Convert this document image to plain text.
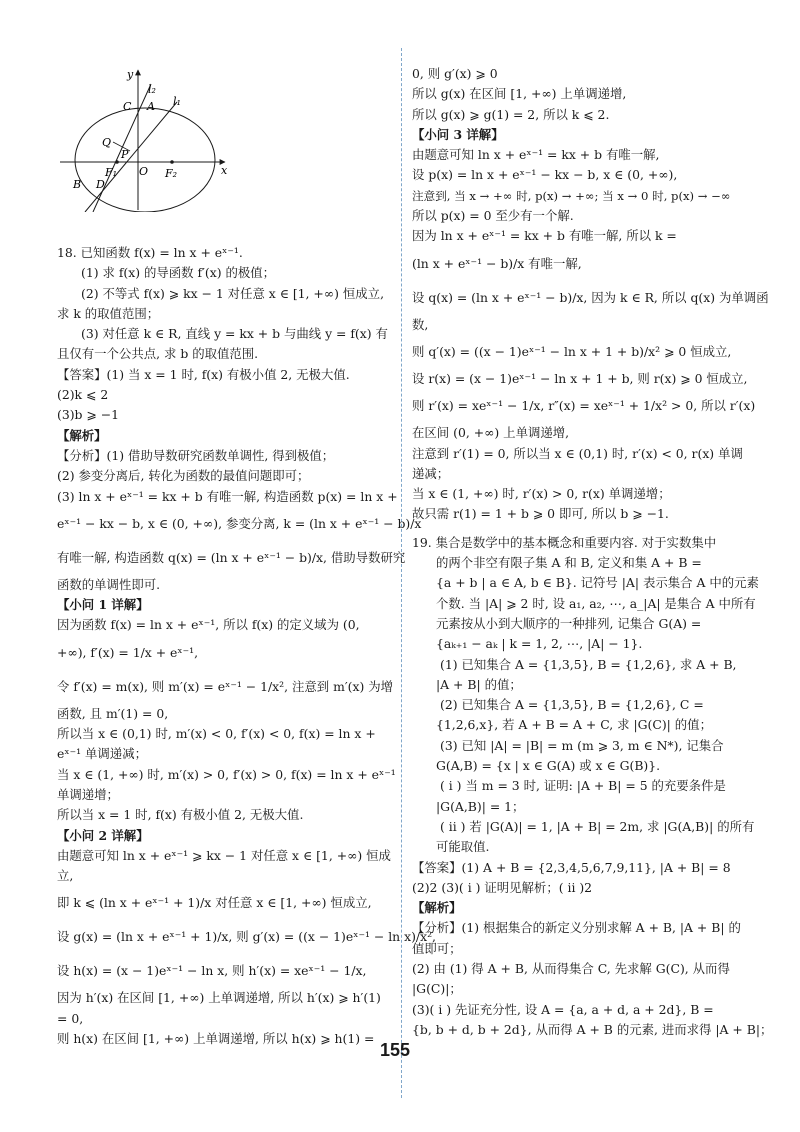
y
x
l₂
l₁
C A
Q
P
O
F₁	F₂
B D
18. 已知函数 f(x) = ln x + eˣ⁻¹.
(1) 求 f(x) 的导函数 f′(x) 的极值；
(2) 不等式 f(x) ⩾ kx − 1 对任意 x ∈ [1, +∞) 恒成立,
求 k 的取值范围；
(3) 对任意 k ∈ R, 直线 y = kx + b 与曲线 y = f(x) 有
且仅有一个公共点, 求 b 的取值范围.
【答案】(1) 当 x = 1 时, f(x) 有极小值 2, 无极大值.
(2)k ⩽ 2
(3)b ⩾ −1
【解析】
【分析】(1) 借助导数研究函数单调性, 得到极值；
(2) 参变分离后, 转化为函数的最值问题即可；
(3) ln x + eˣ⁻¹ = kx + b 有唯一解, 构造函数 p(x) = ln x +
eˣ⁻¹ − kx − b, x ∈ (0, +∞), 参变分离, k = (ln x + eˣ⁻¹ − b)/x
有唯一解, 构造函数 q(x) = (ln x + eˣ⁻¹ − b)/x, 借助导数研究
函数的单调性即可.
【小问 1 详解】
因为函数 f(x) = ln x + eˣ⁻¹, 所以 f(x) 的定义域为 (0,
+∞), f′(x) = 1/x + eˣ⁻¹,
令 f′(x) = m(x), 则 m′(x) = eˣ⁻¹ − 1/x², 注意到 m′(x) 为增
函数, 且 m′(1) = 0,
所以当 x ∈ (0,1) 时, m′(x) < 0, f′(x) < 0, f(x) = ln x +
eˣ⁻¹ 单调递减；
当 x ∈ (1, +∞) 时, m′(x) > 0, f′(x) > 0, f(x) = ln x + eˣ⁻¹
单调递增；
所以当 x = 1 时, f(x) 有极小值 2, 无极大值.
【小问 2 详解】
由题意可知 ln x + eˣ⁻¹ ⩾ kx − 1 对任意 x ∈ [1, +∞) 恒成
立,
即 k ⩽ (ln x + eˣ⁻¹ + 1)/x 对任意 x ∈ [1, +∞) 恒成立,
设 g(x) = (ln x + eˣ⁻¹ + 1)/x, 则 g′(x) = ((x − 1)eˣ⁻¹ − ln x)/x²,
设 h(x) = (x − 1)eˣ⁻¹ − ln x, 则 h′(x) = xeˣ⁻¹ − 1/x,
因为 h′(x) 在区间 [1, +∞) 上单调递增, 所以 h′(x) ⩾ h′(1)
= 0,
则 h(x) 在区间 [1, +∞) 上单调递增, 所以 h(x) ⩾ h(1) =
0, 则 g′(x) ⩾ 0
所以 g(x) 在区间 [1, +∞) 上单调递增,
所以 g(x) ⩾ g(1) = 2, 所以 k ⩽ 2.
【小问 3 详解】
由题意可知 ln x + eˣ⁻¹ = kx + b 有唯一解,
设 p(x) = ln x + eˣ⁻¹ − kx − b, x ∈ (0, +∞),
注意到, 当 x → +∞ 时, p(x) → +∞; 当 x → 0 时, p(x) → −∞
所以 p(x) = 0 至少有一个解.
因为 ln x + eˣ⁻¹ = kx + b 有唯一解, 所以 k =
(ln x + eˣ⁻¹ − b)/x 有唯一解,
设 q(x) = (ln x + eˣ⁻¹ − b)/x, 因为 k ∈ R, 所以 q(x) 为单调函
数,
则 q′(x) = ((x − 1)eˣ⁻¹ − ln x + 1 + b)/x² ⩾ 0 恒成立,
设 r(x) = (x − 1)eˣ⁻¹ − ln x + 1 + b, 则 r(x) ⩾ 0 恒成立,
则 r′(x) = xeˣ⁻¹ − 1/x, r″(x) = xeˣ⁻¹ + 1/x² > 0, 所以 r′(x)
在区间 (0, +∞) 上单调递增,
注意到 r′(1) = 0, 所以当 x ∈ (0,1) 时, r′(x) < 0, r(x) 单调
递减；
当 x ∈ (1, +∞) 时, r′(x) > 0, r(x) 单调递增；
故只需 r(1) = 1 + b ⩾ 0 即可, 所以 b ⩾ −1.
19. 集合是数学中的基本概念和重要内容. 对于实数集中
的两个非空有限子集 A 和 B, 定义和集 A + B =
{a + b | a ∈ A, b ∈ B}. 记符号 |A| 表示集合 A 中的元素
个数. 当 |A| ⩾ 2 时, 设 a₁, a₂, ⋯, a_|A| 是集合 A 中所有
元素按从小到大顺序的一种排列, 记集合 G(A) =
{aₖ₊₁ − aₖ | k = 1, 2, ⋯, |A| − 1}.
(1) 已知集合 A = {1,3,5}, B = {1,2,6}, 求 A + B,
|A + B| 的值；
(2) 已知集合 A = {1,3,5}, B = {1,2,6}, C =
{1,2,6,x}, 若 A + B = A + C, 求 |G(C)| 的值；
(3) 已知 |A| = |B| = m (m ⩾ 3, m ∈ N*), 记集合
G(A,B) = {x | x ∈ G(A) 或 x ∈ G(B)}.
( i ) 当 m = 3 时, 证明: |A + B| = 5 的充要条件是
|G(A,B)| = 1；
( ii ) 若 |G(A)| = 1, |A + B| = 2m, 求 |G(A,B)| 的所有
可能取值.
【答案】(1) A + B = {2,3,4,5,6,7,9,11}, |A + B| = 8
(2)2 (3)( i ) 证明见解析；( ii )2
【解析】
【分析】(1) 根据集合的新定义分别求解 A + B, |A + B| 的
值即可；
(2) 由 (1) 得 A + B, 从而得集合 C, 先求解 G(C), 从而得
|G(C)|；
(3)( i ) 先证充分性, 设 A = {a, a + d, a + 2d}, B =
{b, b + d, b + 2d}, 从而得 A + B 的元素, 进而求得 |A + B|；
155
